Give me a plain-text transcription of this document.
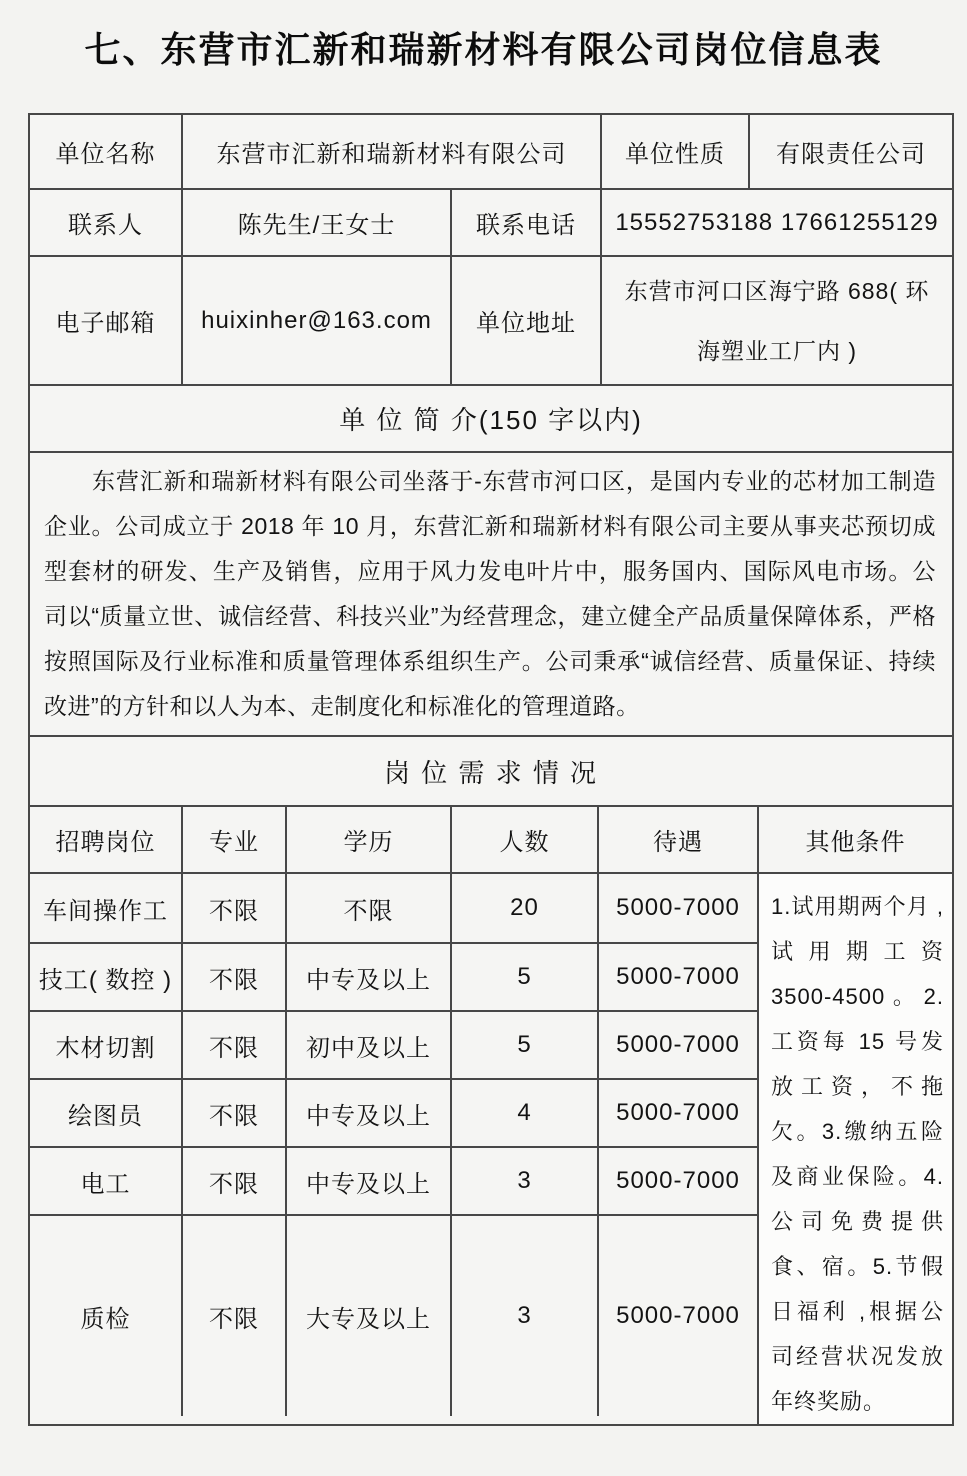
七、东营市汇新和瑞新材料有限公司岗位信息表
单位名称	东营市汇新和瑞新材料有限公司	单位性质	有限责任公司
联系人	陈先生/王女士	联系电话	15552753188 17661255129
电子邮箱	huixinher@163.com	单位地址
东营市河口区海宁路 688( 环
海塑业工厂内 )
单 位 简 介(150 字以内)

东营汇新和瑞新材料有限公司坐落于-东营市河口区，是国内专业的芯材加工制造企业。公司成立于 2018 年 10 月，东营汇新和瑞新材料有限公司主要从事夹芯预切成型套材的研发、生产及销售，应用于风力发电叶片中，服务国内、国际风电市场。公司以“质量立世、诚信经营、科技兴业”为经营理念，建立健全产品质量保障体系，严格按照国际及行业标准和质量管理体系组织生产。公司秉承“诚信经营、质量保证、持续改进”的方针和以人为本、走制度化和标准化的管理道路。

岗 位 需 求 情 况
招聘岗位	专业	学历	人数	待遇	其他条件
车间操作工	不限	不限	20	5000-7000
技工( 数控 )	不限	中专及以上	5	5000-7000
木材切割	不限	初中及以上	5	5000-7000
绘图员	不限	中专及以上	4	5000-7000
电工	不限	中专及以上	3	5000-7000
质检	不限	大专及以上	3	5000-7000

1.试用期两个月 ,试用期工资 3500-4500。2.工资每 15 号发放工资，不拖欠。3.缴纳五险及商业保险。4.公司免费提供食、宿。5.节假日福利 ,根据公司经营状况发放年终奖励。
